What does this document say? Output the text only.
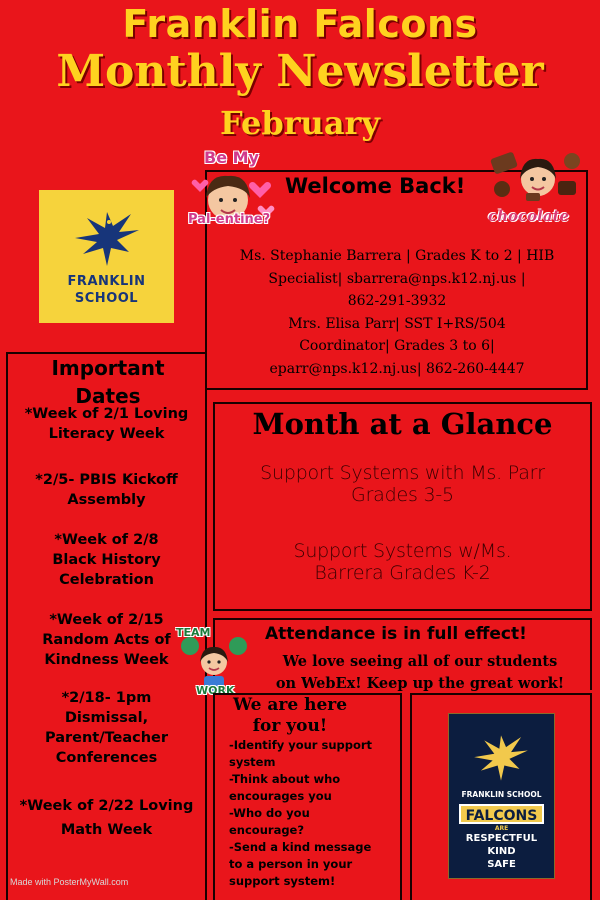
Franklin Falcons
Monthly Newsletter
February
FRANKLIN
SCHOOL
Welcome Back!
Ms. Stephanie Barrera | Grades K to 2 | HIB
Specialist| sbarrera@nps.k12.nj.us |
862-291-3932
Mrs. Elisa Parr| SST I+RS/504
Coordinator| Grades 3 to 6|
eparr@nps.k12.nj.us| 862-260-4447
Be My
Pal-entine?	chocolate
Important
Dates
*Week of 2/1 Loving
Literacy Week
*2/5- PBIS Kickoff
Assembly
*Week of 2/8
Black History
Celebration
*Week of 2/15
Random Acts of
Kindness Week
*2/18- 1pm
Dismissal,
Parent/Teacher
Conferences
*Week of 2/22 Loving
Math Week
Month at a Glance
Support Systems with Ms. Parr
Grades 3-5
Support Systems w/Ms.
Barrera Grades K-2
Attendance is in full effect!
We love seeing all of our students
on WebEx! Keep up the great work!
TEAM
WORK
We are here
for you!
-Identify your support
system
-Think about who
encourages you
-Who do you
encourage?
-Send a kind message
to a person in your
support system!
FRANKLIN SCHOOL
FALCONS
ARE
RESPECTFUL
KIND
SAFE
Made with PosterMyWall.com
